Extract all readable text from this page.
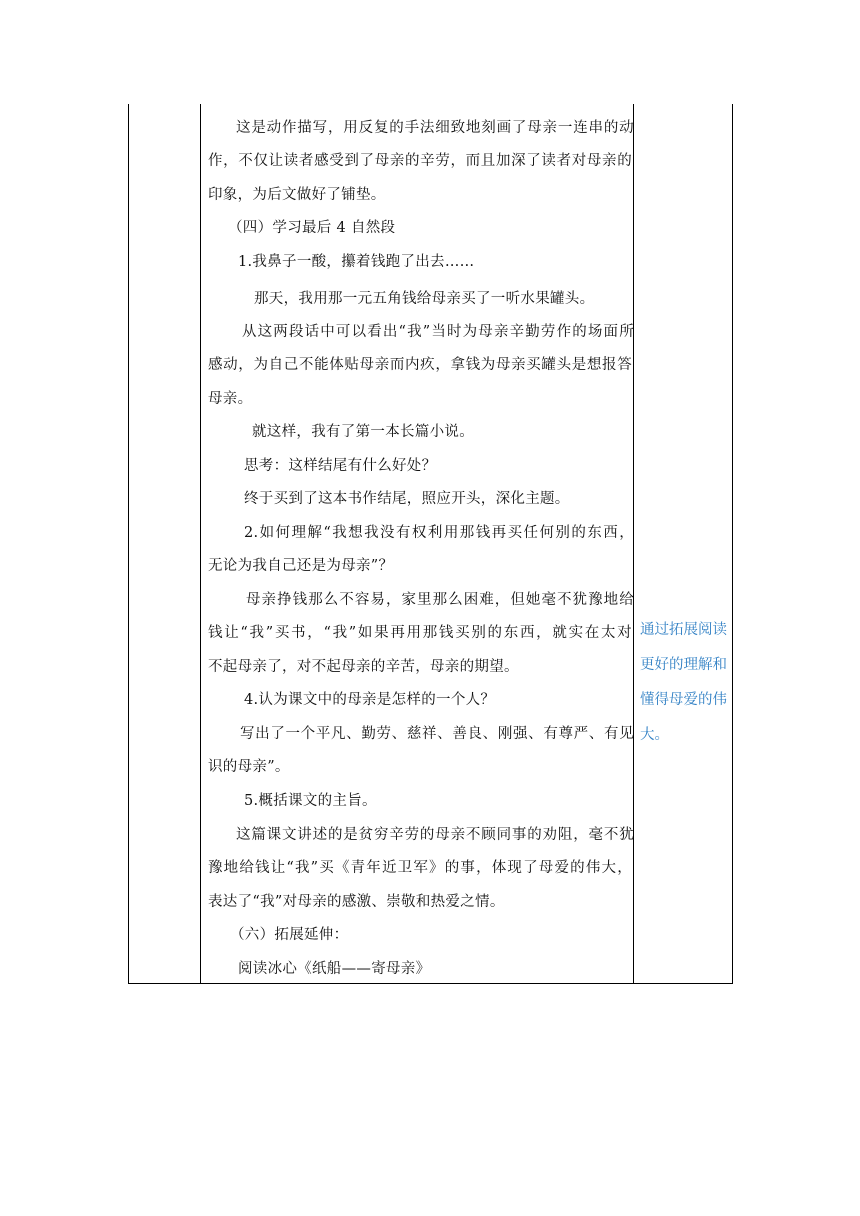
这是动作描写，用反复的手法细致地刻画了母亲一连串的动
作，不仅让读者感受到了母亲的辛劳，而且加深了读者对母亲的
印象，为后文做好了铺垫。
（四）学习最后 4 自然段
1.我鼻子一酸，攥着钱跑了出去……
那天，我用那一元五角钱给母亲买了一听水果罐头。
从这两段话中可以看出“我”当时为母亲辛勤劳作的场面所
感动，为自己不能体贴母亲而内疚，拿钱为母亲买罐头是想报答
母亲。
就这样，我有了第一本长篇小说。
思考：这样结尾有什么好处？
终于买到了这本书作结尾，照应开头，深化主题。
2.如何理解“我想我没有权利用那钱再买任何别的东西，
无论为我自己还是为母亲”？
母亲挣钱那么不容易，家里那么困难，但她毫不犹豫地给
钱让“我”买书，“我”如果再用那钱买别的东西，就实在太对
不起母亲了，对不起母亲的辛苦，母亲的期望。
4.认为课文中的母亲是怎样的一个人？
写出了一个平凡、勤劳、慈祥、善良、刚强、有尊严、有见
识的母亲”。
5.概括课文的主旨。
这篇课文讲述的是贫穷辛劳的母亲不顾同事的劝阻，毫不犹
豫地给钱让“我”买《青年近卫军》的事，体现了母爱的伟大，
表达了“我”对母亲的感激、崇敬和热爱之情。
（六）拓展延伸：
阅读冰心《纸船——寄母亲》
通过拓展阅读
更好的理解和
懂得母爱的伟
大。
